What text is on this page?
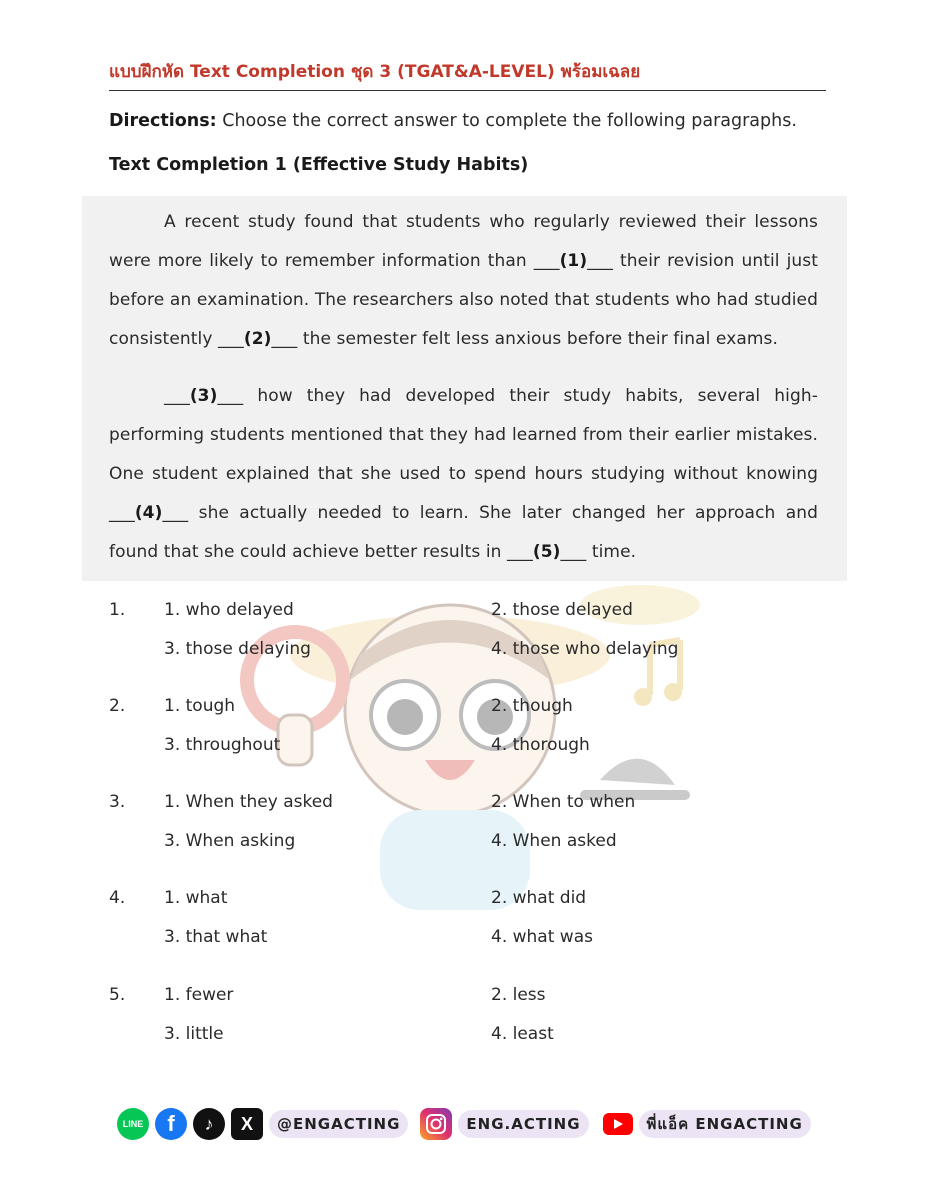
แบบฝึกหัด Text Completion ชุด 3 (TGAT&A-LEVEL) พร้อมเฉลย
Directions: Choose the correct answer to complete the following paragraphs.
Text Completion 1 (Effective Study Habits)
A recent study found that students who regularly reviewed their lessons were more likely to remember information than ___(1)___ their revision until just before an examination. The researchers also noted that students who had studied consistently ___(2)___ the semester felt less anxious before their final exams.
___(3)___ how they had developed their study habits, several high-performing students mentioned that they had learned from their earlier mistakes. One student explained that she used to spend hours studying without knowing ___(4)___ she actually needed to learn. She later changed her approach and found that she could achieve better results in ___(5)___ time.
1. 1. who delayed	2. those delayed
3. those delaying	4. those who delaying
2. 1. tough	2. though
3. throughout	4. thorough
3. 1. When they asked	2. When to when
3. When asking	4. When asked
4. 1. what	2. what did
3. that what	4. what was
5. 1. fewer	2. less
3. little	4. least
LINE f ♪ X	@ENGACTING	ENG.ACTING	พี่แอ็ค ENGACTING
